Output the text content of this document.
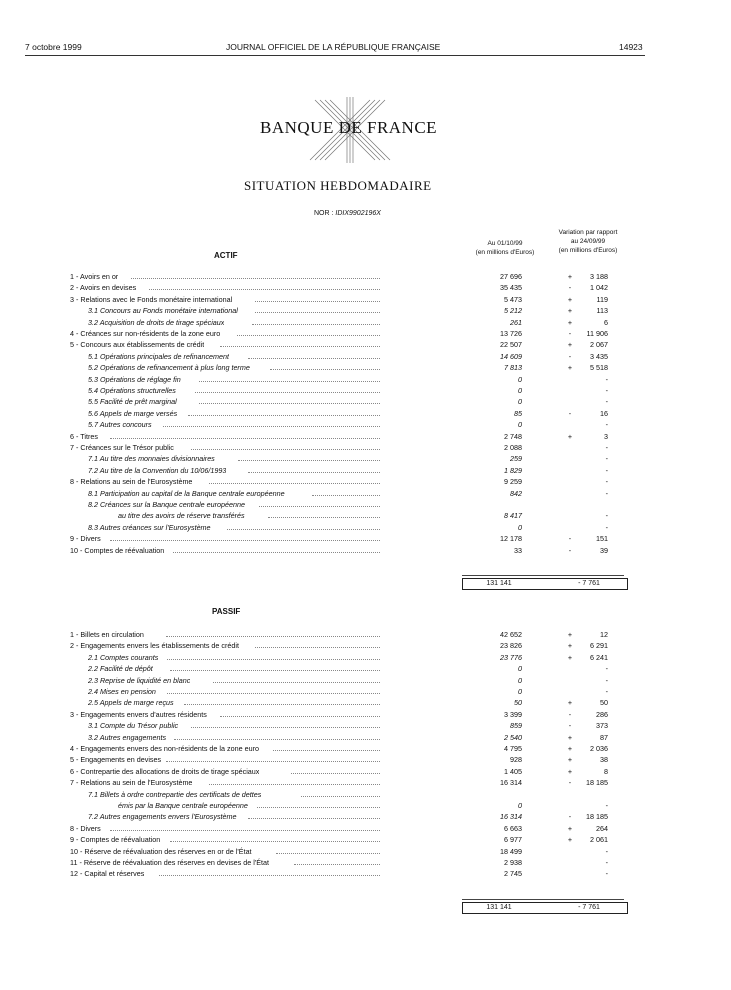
7 octobre 1999	JOURNAL OFFICIEL DE LA RÉPUBLIQUE FRANÇAISE	14923
BANQUE DE FRANCE
SITUATION HEBDOMADAIRE
NOR : IDIX9902196X
Au 01/10/99
(en millions d'Euros)
Variation par rapport
au 24/09/99
(en millions d'Euros)
ACTIF
1 - Avoirs en or	27 696	+	3 188
2 - Avoirs en devises	35 435	-	1 042
3 - Relations avec le Fonds monétaire international	5 473	+	119
3.1 Concours au Fonds monétaire international	5 212	+	113
3.2 Acquisition de droits de tirage spéciaux	261	+	6
4 - Créances sur non-résidents de la zone euro	13 726	-	11 906
5 - Concours aux établissements de crédit	22 507	+	2 067
5.1 Opérations principales de refinancement	14 609	-	3 435
5.2 Opérations de refinancement à plus long terme	7 813	+	5 518
5.3 Opérations de réglage fin	0	-
5.4 Opérations structurelles	0	-
5.5 Facilité de prêt marginal	0	-
5.6 Appels de marge versés	85	-	16
5.7 Autres concours	0	-
6 - Titres	2 748	+	3
7 - Créances sur le Trésor public	2 088	-
7.1 Au titre des monnaies divisionnaires	259	-
7.2 Au titre de la Convention du 10/06/1993	1 829	-
8 - Relations au sein de l'Eurosystème	9 259	-
8.1 Participation au capital de la Banque centrale européenne	842	-
8.2 Créances sur la Banque centrale européenne
au titre des avoirs de réserve transférés	8 417	-
8.3 Autres créances sur l'Eurosystème	0	-
9 - Divers	12 178	-	151
10 - Comptes de réévaluation	33	-	39
131 141	- 7 761
PASSIF
1 - Billets en circulation	42 652	+	12
2 - Engagements envers les établissements de crédit	23 826	+	6 291
2.1 Comptes courants	23 776	+	6 241
2.2 Facilité de dépôt	0	-
2.3 Reprise de liquidité en blanc	0	-
2.4 Mises en pension	0	-
2.5 Appels de marge reçus	50	+	50
3 - Engagements envers d'autres résidents	3 399	-	286
3.1 Compte du Trésor public	859	-	373
3.2 Autres engagements	2 540	+	87
4 - Engagements envers des non-résidents de la zone euro	4 795	+	2 036
5 - Engagements en devises	928	+	38
6 - Contrepartie des allocations de droits de tirage spéciaux	1 405	+	8
7 - Relations au sein de l'Eurosystème	16 314	-	18 185
7.1 Billets à ordre contrepartie des certificats de dettes
émis par la Banque centrale européenne	0	-
7.2 Autres engagements envers l'Eurosystème	16 314	-	18 185
8 - Divers	6 663	+	264
9 - Comptes de réévaluation	6 977	+	2 061
10 - Réserve de réévaluation des réserves en or de l'État	18 499	-
11 - Réserve de réévaluation des réserves en devises de l'État	2 938	-
12 - Capital et réserves	2 745	-
131 141	- 7 761
